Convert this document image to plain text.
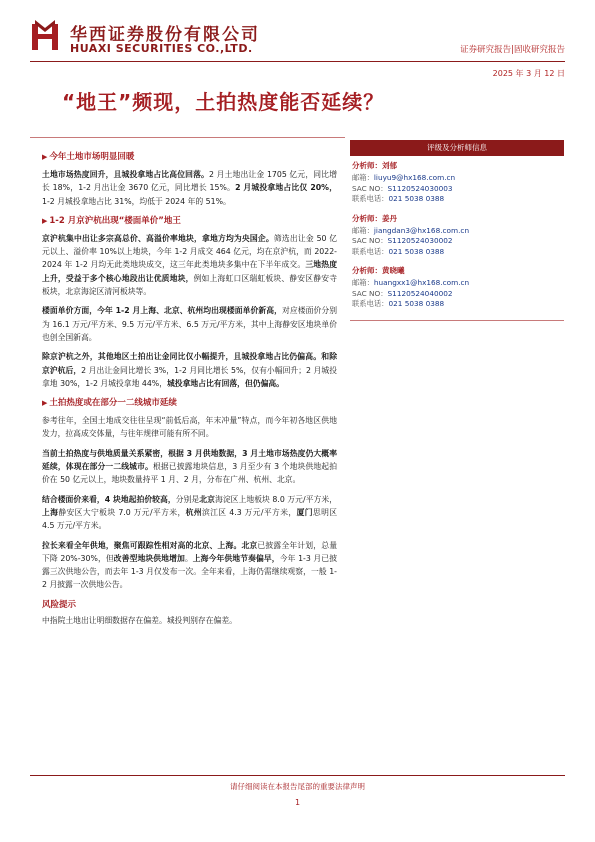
华西证券股份有限公司
HUAXI SECURITIES CO.,LTD.	证券研究报告|固收研究报告
2025 年 3 月 12 日
“地王”频现，土拍热度能否延续？
▶ 今年土地市场明显回暖

土地市场热度回升，且城投拿地占比高位回落。2 月土地出让金 1705 亿元，同比增长 18%，1-2 月出让金 3670 亿元，同比增长 15%。2 月城投拿地占比仅 20%，1-2 月城投拿地占比 31%，均低于 2024 年的 51%。

▶ 1-2 月京沪杭出现“楼面单价”地王

京沪杭集中出让多宗高总价、高溢价率地块，拿地方均为央国企。筛选出让金 50 亿元以上、溢价率 10%以上地块，今年 1-2 月成交 464 亿元，均在京沪杭，而 2022-2024 年 1-2 月均无此类地块成交，这三年此类地块多集中在下半年成交。三地热度上升，受益于多个核心地段出让优质地块，例如上海虹口区瑞虹板块、静安区静安寺板块，北京海淀区清河板块等。

楼面单价方面，今年 1-2 月上海、北京、杭州均出现楼面单价新高，对应楼面价分别为 16.1 万元/平方米、9.5 万元/平方米、6.5 万元/平方米，其中上海静安区地块单价也创全国新高。

除京沪杭之外，其他地区土拍出让金同比仅小幅提升，且城投拿地占比仍偏高。和除京沪杭后，2 月出让金同比增长 3%，1-2 月同比增长 5%，仅有小幅回升；2 月城投拿地 30%，1-2 月城投拿地 44%，城投拿地占比有回落，但仍偏高。

▶ 土拍热度或在部分一二线城市延续

参考往年，全国土地成交往往呈现“前低后高，年末冲量”特点，而今年初各地区供地发力，拉高成交体量，与往年规律可能有所不同。

当前土拍热度与供地质量关系紧密，根据 3 月供地数据，3 月土地市场热度仍大概率延续，体现在部分一二线城市。根据已披露地块信息，3 月至少有 3 个地块供地起拍价在 50 亿元以上，地块数量持平 1 月、2 月，分布在广州、杭州、北京。

结合楼面价来看，4 块地起拍价较高，分别是北京海淀区上地板块 8.0 万元/平方米，上海静安区大宁板块 7.0 万元/平方米，杭州滨江区 4.3 万元/平方米，厦门思明区 4.5 万元/平方米。

拉长来看全年供地，聚焦可跟踪性相对高的北京、上海。北京已披露全年计划，总量下降 20%-30%，但改善型地块供地增加。上海今年供地节奏偏早，今年 1-3 月已披露三次供地公告，而去年 1-3 月仅发布一次。全年来看，上海仍需继续观察，一般 1-2 月披露一次供地公告。

风险提示

中指院土地出让明细数据存在偏差。城投判别存在偏差。

评级及分析师信息
分析师：刘郁
邮箱：liuyu9@hx168.com.cn
SAC NO：S1120524030003
联系电话：021 5038 0388
分析师：姜丹
邮箱：jiangdan3@hx168.com.cn
SAC NO：S1120524030002
联系电话：021 5038 0388
分析师：黄晓曦
邮箱：huangxx1@hx168.com.cn
SAC NO：S1120524040002
联系电话：021 5038 0388
请仔细阅读在本报告尾部的重要法律声明
1
